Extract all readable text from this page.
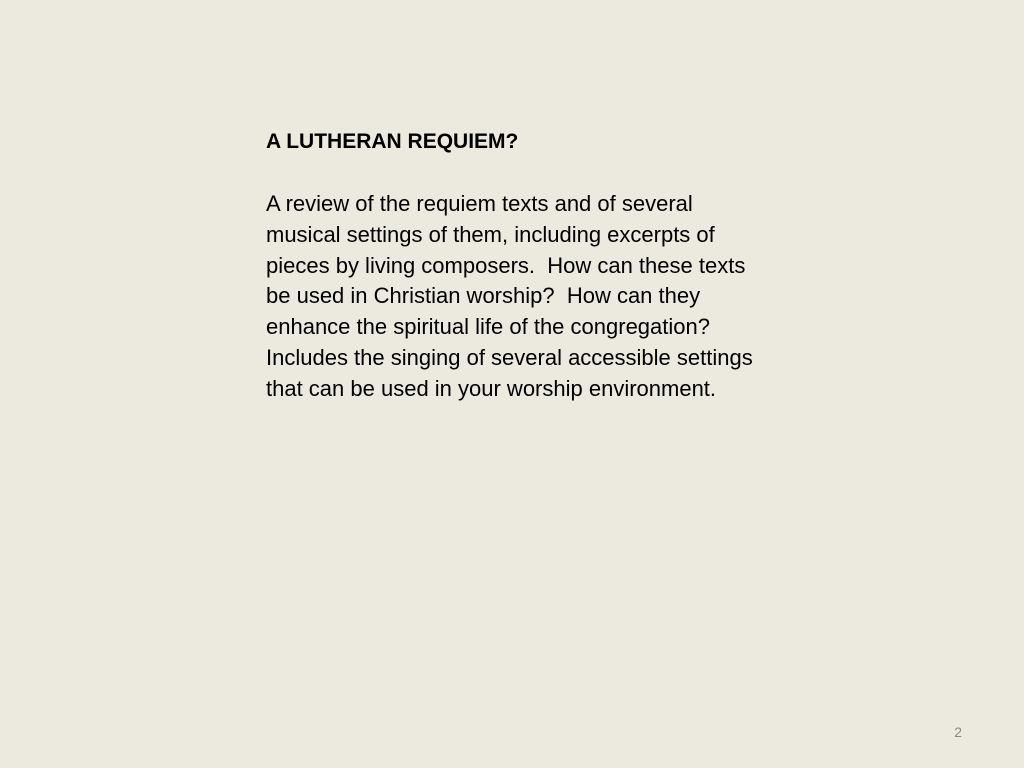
A LUTHERAN REQUIEM?
A review of the requiem texts and of several
musical settings of them, including excerpts of
pieces by living composers.  How can these texts
be used in Christian worship?  How can they
enhance the spiritual life of the congregation?
Includes the singing of several accessible settings
that can be used in your worship environment.
2
